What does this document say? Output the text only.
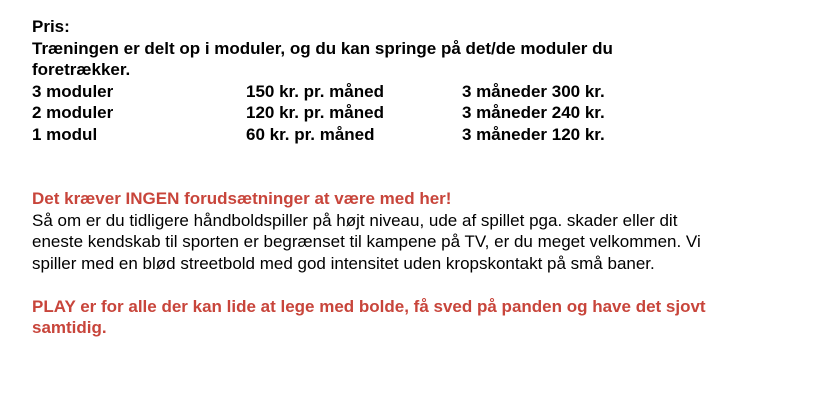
Pris:
Træningen er delt op i moduler, og du kan springe på det/de moduler du
foretrækker.
3 moduler	150 kr. pr. måned	3 måneder 300 kr.
2 moduler	120 kr. pr. måned	3 måneder 240 kr.
1 modul	60 kr. pr. måned	3 måneder 120 kr.
Det kræver INGEN forudsætninger at være med her!
Så om er du tidligere håndboldspiller på højt niveau, ude af spillet pga. skader eller dit
eneste kendskab til sporten er begrænset til kampene på TV, er du meget velkommen. Vi
spiller med en blød streetbold med god intensitet uden kropskontakt på små baner.
PLAY er for alle der kan lide at lege med bolde, få sved på panden og have det sjovt
samtidig.
